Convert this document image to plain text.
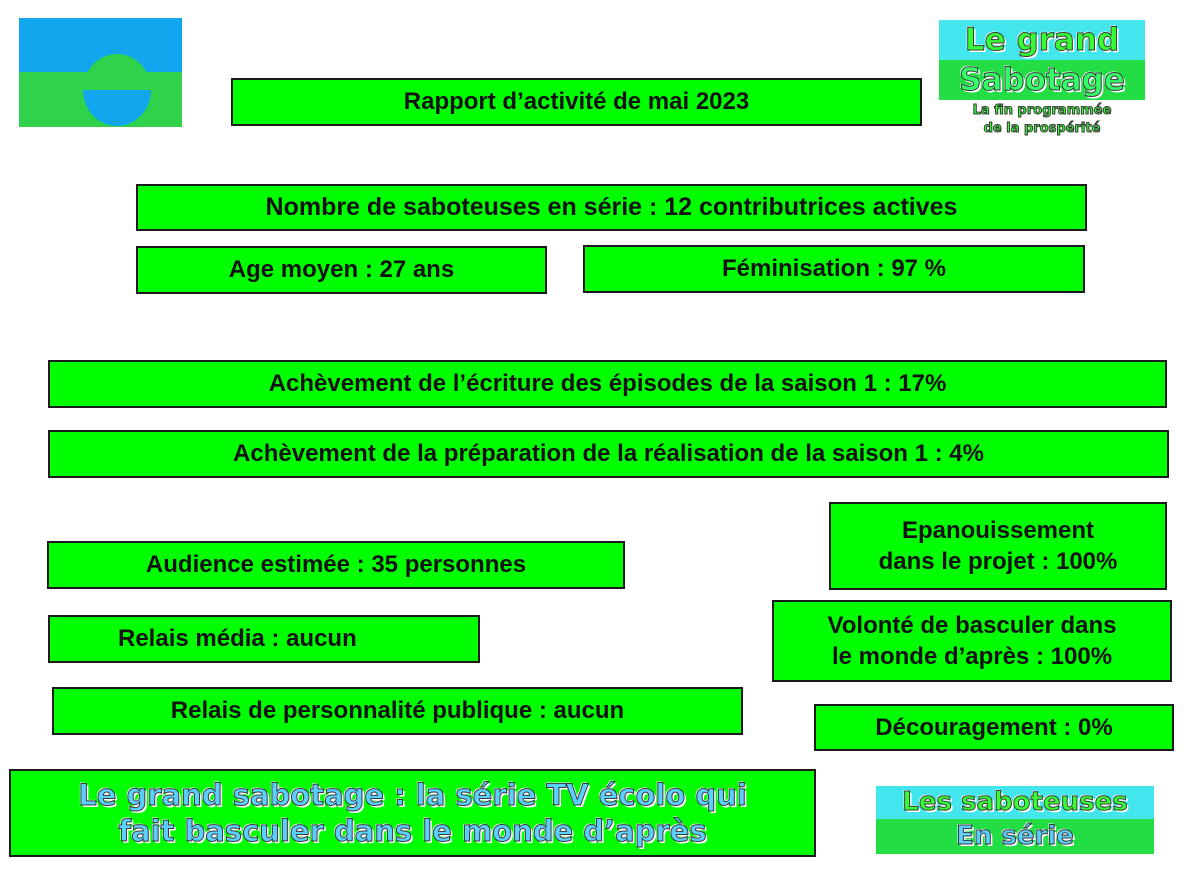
Rapport d’activité de mai 2023
Le grand
Sabotage
La fin programmée
de la prospérité
Nombre de saboteuses en série : 12 contributrices actives
Age moyen : 27 ans	Féminisation : 97 %
Achèvement de l’écriture des épisodes de la saison 1 : 17%
Achèvement de la préparation de la réalisation de la saison 1 : 4%
Audience estimée : 35 personnes
Relais média : aucun
Relais de personnalité publique : aucun
Epanouissement
dans le projet : 100%
Volonté de basculer dans
le monde d’après : 100%
Découragement : 0%
Le grand sabotage : la série TV écolo qui
fait basculer dans le monde d’après
Les saboteuses
En série
